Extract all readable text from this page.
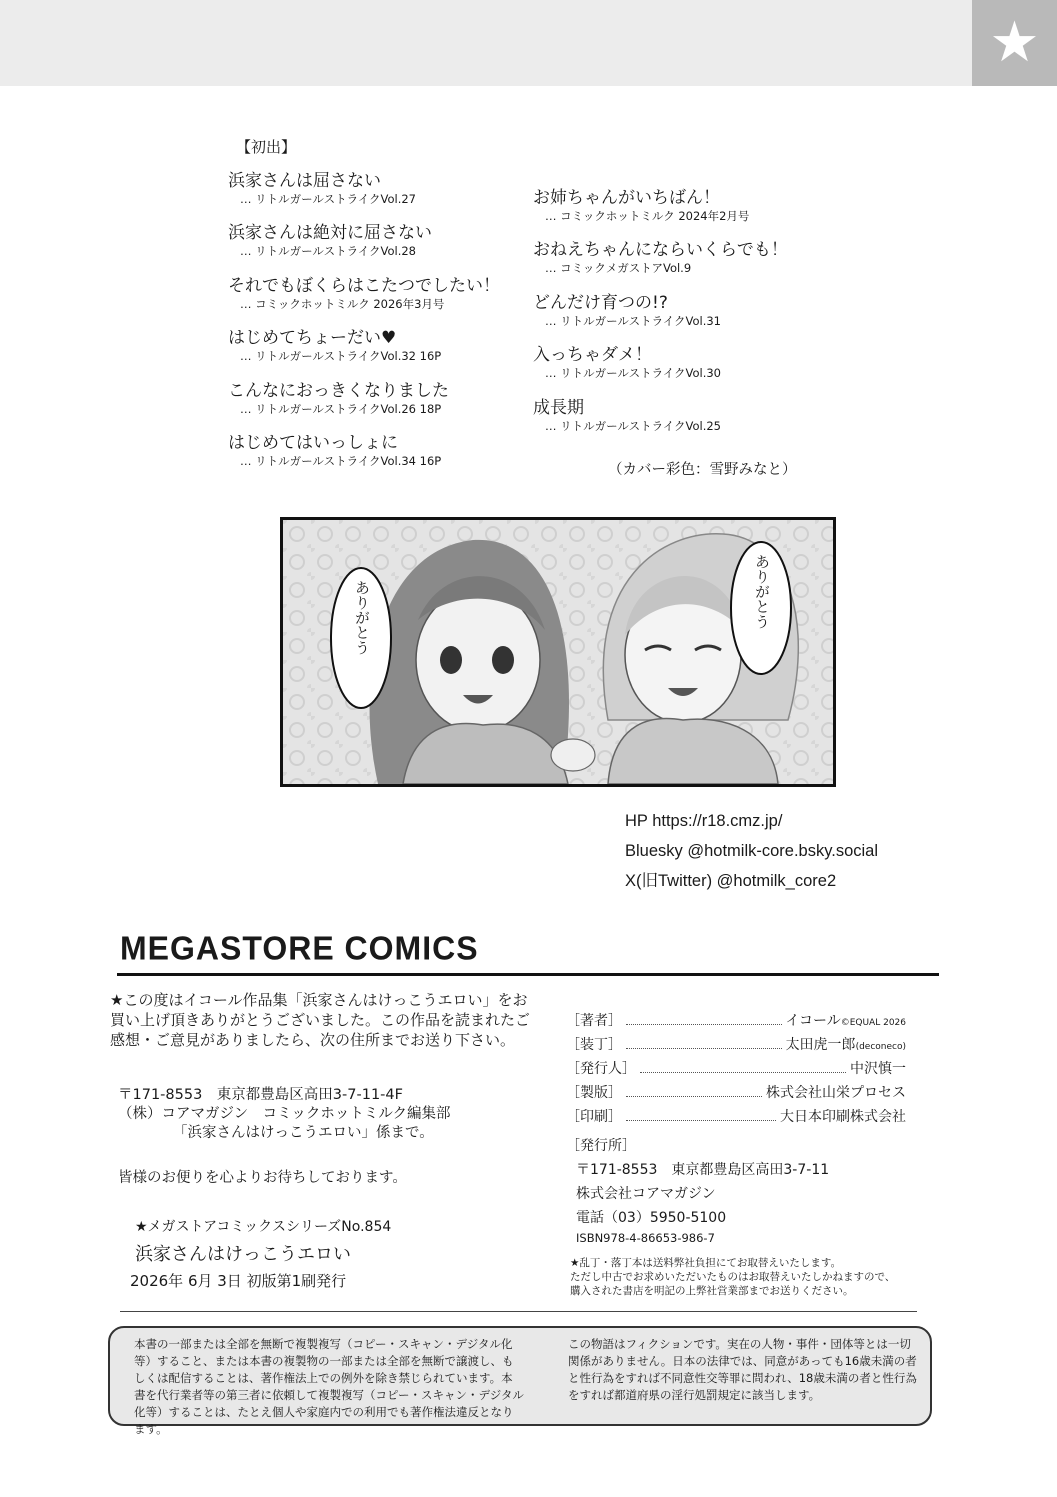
★
【初出】
浜家さんは屈さない
… リトルガールストライクVol.27
浜家さんは絶対に屈さない
… リトルガールストライクVol.28
それでもぼくらはこたつでしたい！
… コミックホットミルク 2026年3月号
はじめてちょーだい♥
… リトルガールストライクVol.32 16P
こんなにおっきくなりました
… リトルガールストライクVol.26 18P
はじめてはいっしょに
… リトルガールストライクVol.34 16P
お姉ちゃんがいちばん！
… コミックホットミルク 2024年2月号
おねえちゃんにならいくらでも！
… コミックメガストアVol.9
どんだけ育つの!?
… リトルガールストライクVol.31
入っちゃダメ！
… リトルガールストライクVol.30
成長期
… リトルガールストライクVol.25
（カバー彩色：雪野みなと）
ありがとう	ありがとう
HP https://r18.cmz.jp/
Bluesky @hotmilk-core.bsky.social
X(旧Twitter) @hotmilk_core2
MEGASTORE COMICS
★この度はイコール作品集「浜家さんはけっこうエロい」をお買い上げ頂きありがとうございました。この作品を読まれたご感想・ご意見がありましたら、次の住所までお送り下さい。
〒171-8553　東京都豊島区高田3-7-11-4F
（株）コアマガジン　コミックホットミルク編集部
「浜家さんはけっこうエロい」係まで。
皆様のお便りを心よりお待ちしております。
★メガストアコミックスシリーズNo.854
浜家さんはけっこうエロい
2026年 6月 3日 初版第1刷発行
［著者］	イコール©EQUAL 2026
［装丁］	太田虎一郎(deconeco)
［発行人］	中沢慎一
［製版］	株式会社山栄プロセス
［印刷］	大日本印刷株式会社
［発行所］
〒171-8553　東京都豊島区高田3-7-11
株式会社コアマガジン
電話（03）5950-5100
ISBN978-4-86653-986-7
★乱丁・落丁本は送料弊社負担にてお取替えいたします。
ただし中古でお求めいただいたものはお取替えいたしかねますので、
購入された書店を明記の上弊社営業部までお送りください。
本書の一部または全部を無断で複製複写（コピー・スキャン・デジタル化等）すること、または本書の複製物の一部または全部を無断で譲渡し、もしくは配信することは、著作権法上での例外を除き禁じられています。本書を代行業者等の第三者に依頼して複製複写（コピー・スキャン・デジタル化等）することは、たとえ個人や家庭内での利用でも著作権法違反となります。
この物語はフィクションです。実在の人物・事件・団体等とは一切関係がありません。日本の法律では、同意があっても16歳未満の者と性行為をすれば不同意性交等罪に問われ、18歳未満の者と性行為をすれば都道府県の淫行処罰規定に該当します。
